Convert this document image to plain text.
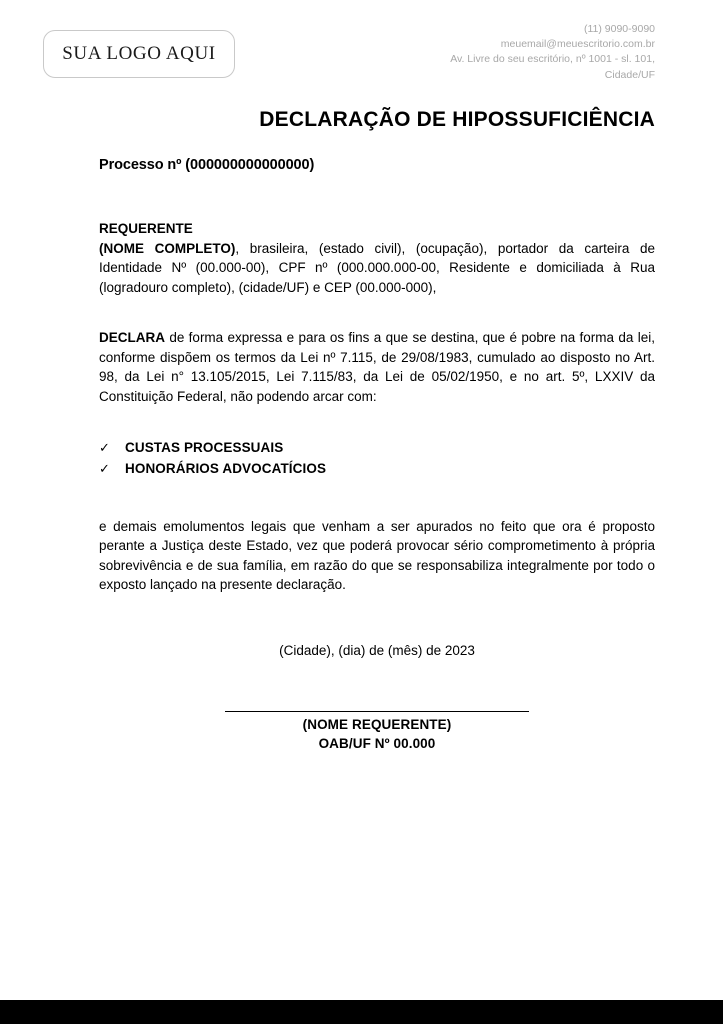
SUA LOGO AQUI
(11) 9090-9090
meuemail@meuescritorio.com.br
Av. Livre do seu escritório, nº 1001 - sl. 101,
Cidade/UF
DECLARAÇÃO DE HIPOSSUFICIÊNCIA

Processo nº (000000000000000)

REQUERENTE

(NOME COMPLETO), brasileira, (estado civil), (ocupação), portador da carteira de Identidade Nº (00.000-00), CPF nº (000.000.000-00, Residente e domiciliada à Rua (logradouro completo), (cidade/UF) e CEP (00.000-000),

DECLARA de forma expressa e para os fins a que se destina, que é pobre na forma da lei, conforme dispõem os termos da Lei nº 7.115, de 29/08/1983, cumulado ao disposto no Art. 98, da Lei n° 13.105/2015, Lei 7.115/83, da Lei de 05/02/1950, e no art. 5º, LXXIV da Constituição Federal, não podendo arcar com:

✓	CUSTAS PROCESSUAIS
✓	HONORÁRIOS ADVOCATÍCIOS

e demais emolumentos legais que venham a ser apurados no feito que ora é proposto perante a Justiça deste Estado, vez que poderá provocar sério comprometimento à própria sobrevivência e de sua família, em razão do que se responsabiliza integralmente por todo o exposto lançado na presente declaração.

(Cidade), (dia) de (mês) de 2023
(NOME REQUERENTE)
OAB/UF Nº 00.000
